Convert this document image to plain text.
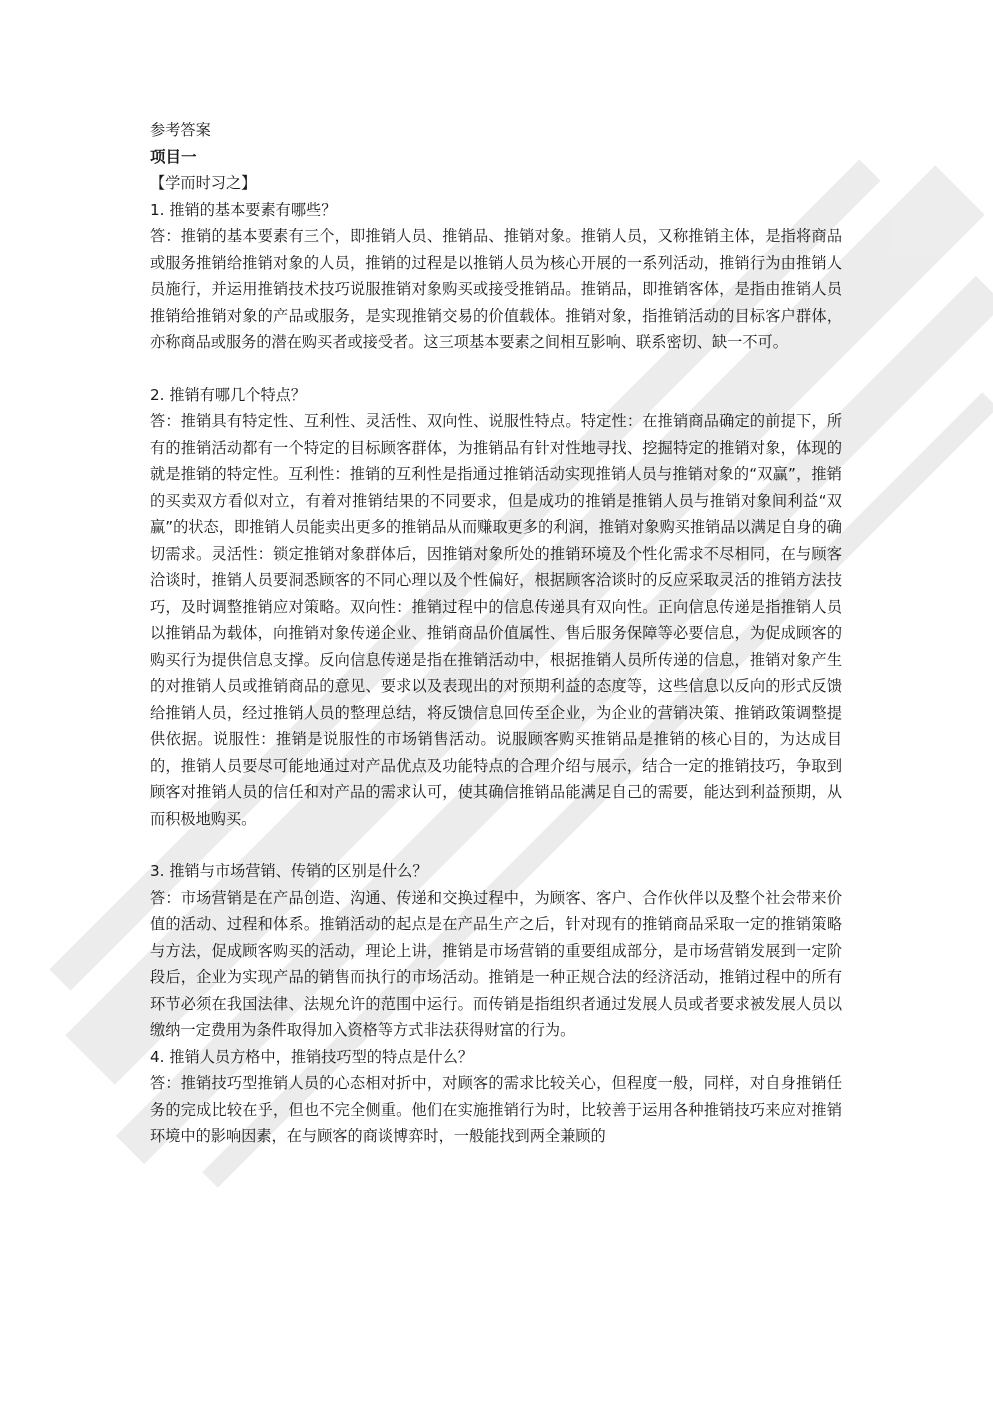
参考答案

项目一

【学而时习之】

1. 推销的基本要素有哪些？

答：推销的基本要素有三个，即推销人员、推销品、推销对象。推销人员，又称推销主体，是指将商品或服务推销给推销对象的人员，推销的过程是以推销人员为核心开展的一系列活动，推销行为由推销人员施行，并运用推销技术技巧说服推销对象购买或接受推销品。推销品，即推销客体，是指由推销人员推销给推销对象的产品或服务，是实现推销交易的价值载体。推销对象，指推销活动的目标客户群体，亦称商品或服务的潜在购买者或接受者。这三项基本要素之间相互影响、联系密切、缺一不可。

2. 推销有哪几个特点？

答：推销具有特定性、互利性、灵活性、双向性、说服性特点。特定性：在推销商品确定的前提下，所有的推销活动都有一个特定的目标顾客群体，为推销品有针对性地寻找、挖掘特定的推销对象，体现的就是推销的特定性。互利性：推销的互利性是指通过推销活动实现推销人员与推销对象的“双赢”，推销的买卖双方看似对立，有着对推销结果的不同要求，但是成功的推销是推销人员与推销对象间利益“双赢”的状态，即推销人员能卖出更多的推销品从而赚取更多的利润，推销对象购买推销品以满足自身的确切需求。灵活性：锁定推销对象群体后，因推销对象所处的推销环境及个性化需求不尽相同，在与顾客洽谈时，推销人员要洞悉顾客的不同心理以及个性偏好，根据顾客洽谈时的反应采取灵活的推销方法技巧，及时调整推销应对策略。双向性：推销过程中的信息传递具有双向性。正向信息传递是指推销人员以推销品为载体，向推销对象传递企业、推销商品价值属性、售后服务保障等必要信息，为促成顾客的购买行为提供信息支撑。反向信息传递是指在推销活动中，根据推销人员所传递的信息，推销对象产生的对推销人员或推销商品的意见、要求以及表现出的对预期利益的态度等，这些信息以反向的形式反馈给推销人员，经过推销人员的整理总结，将反馈信息回传至企业，为企业的营销决策、推销政策调整提供依据。说服性：推销是说服性的市场销售活动。说服顾客购买推销品是推销的核心目的，为达成目的，推销人员要尽可能地通过对产品优点及功能特点的合理介绍与展示，结合一定的推销技巧，争取到顾客对推销人员的信任和对产品的需求认可，使其确信推销品能满足自己的需要，能达到利益预期，从而积极地购买。

3. 推销与市场营销、传销的区别是什么？

答：市场营销是在产品创造、沟通、传递和交换过程中，为顾客、客户、合作伙伴以及整个社会带来价值的活动、过程和体系。推销活动的起点是在产品生产之后，针对现有的推销商品采取一定的推销策略与方法，促成顾客购买的活动，理论上讲，推销是市场营销的重要组成部分，是市场营销发展到一定阶段后，企业为实现产品的销售而执行的市场活动。推销是一种正规合法的经济活动，推销过程中的所有环节必须在我国法律、法规允许的范围中运行。而传销是指组织者通过发展人员或者要求被发展人员以缴纳一定费用为条件取得加入资格等方式非法获得财富的行为。

4. 推销人员方格中，推销技巧型的特点是什么？

答：推销技巧型推销人员的心态相对折中，对顾客的需求比较关心，但程度一般，同样，对自身推销任务的完成比较在乎，但也不完全侧重。他们在实施推销行为时，比较善于运用各种推销技巧来应对推销环境中的影响因素，在与顾客的商谈博弈时，一般能找到两全兼顾的
